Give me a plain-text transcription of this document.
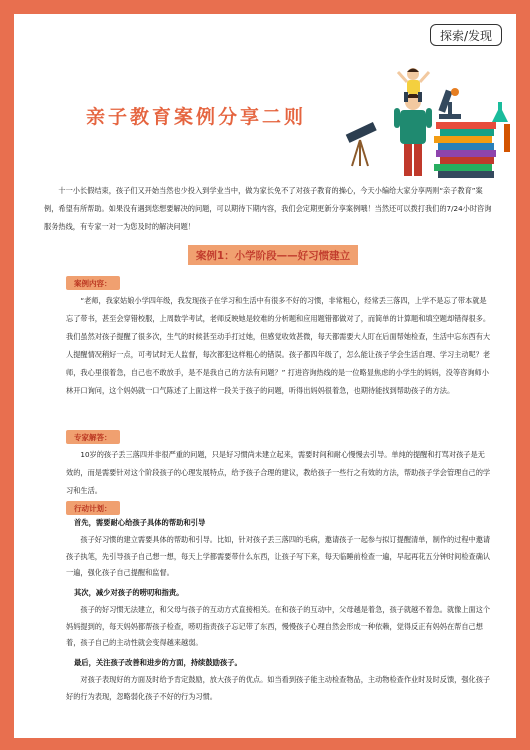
探索/发现
亲子教育案例分享二则

十一小长假结束，孩子们又开始当然也少投入到学业当中，做为家长免不了对孩子教育的操心，今天小编给大家分享两则“亲子教育”案例，希望有所帮助。如果没有遇到您想要解决的问题，可以期待下期内容，我们会定期更新分享案例哦！当然还可以拨打我们的7/24小时咨询服务热线，有专家一对一为您及时的解决问题！

案例1：小学阶段——好习惯建立
案例内容：

“老师，我家姑娘小学四年级，我发现孩子在学习和生活中有很多不好的习惯，非常粗心，经常丢三落四，上学不是忘了带本就是忘了带书，甚至会穿错校服，上周数学考试，老师反映她是较难的分析题和应用题错都做对了，而简单的计算题和填空题却错得很多。我们虽然对孩子提醒了很多次，生气的时候甚至动手打过她，但感觉收效甚微，每天都需要大人盯在后面帮她检查，生活中忘东西有大人提醒情况稍好一点，可考试时无人监督，每次都犯这样粗心的错误。孩子都四年级了，怎么能让孩子学会生活自理、学习主动呢？老师，我心里很着急，自己也不敢放手，是不是我自己的方法有问题？” 打进咨询热线的是一位略显焦虑的小学生的妈妈，没等咨询师小林开口询问，这个妈妈就一口气陈述了上面这样一段关于孩子的问题，听得出妈妈很着急，也期待能找到帮助孩子的方法。

专家解答：

10岁的孩子丢三落四并非很严重的问题，只是好习惯尚未建立起来，需要时间和耐心慢慢去引导。单纯的提醒和打骂对孩子是无效的，而是需要针对这个阶段孩子的心理发展特点，给予孩子合理的建议，教给孩子一些行之有效的方法，帮助孩子学会管理自己的学习和生活。

行动计划：

首先，需要耐心给孩子具体的帮助和引导

孩子好习惯的建立需要具体的帮助和引导。比如，针对孩子丢三落四的毛病，邀请孩子一起参与拟订提醒清单，制作的过程中邀请孩子执笔，先引导孩子自己想一想，每天上学都需要带什么东西，让孩子写下来，每天临睡前检查一遍，早起再花五分钟时间检查确认一遍，强化孩子自己提醒和监督。

其次，减少对孩子的唠叨和指责。

孩子的好习惯无法建立，和父母与孩子的互动方式直接相关。在和孩子的互动中，父母越是着急，孩子就越不着急。就像上面这个妈妈提到的，每天妈妈都帮孩子检查，唠叨指责孩子忘记带了东西，慢慢孩子心理自然会形成一种依赖，觉得反正有妈妈在帮自己想着，孩子自己的主动性就会变得越来越弱。

最后，关注孩子改善和进步的方面，持续鼓励孩子。

对孩子表现好的方面及时给予肯定鼓励，放大孩子的优点。如当看到孩子能主动检查物品，主动物检查作业时及时反馈，强化孩子好的行为表现，忽略弱化孩子不好的行为习惯。
